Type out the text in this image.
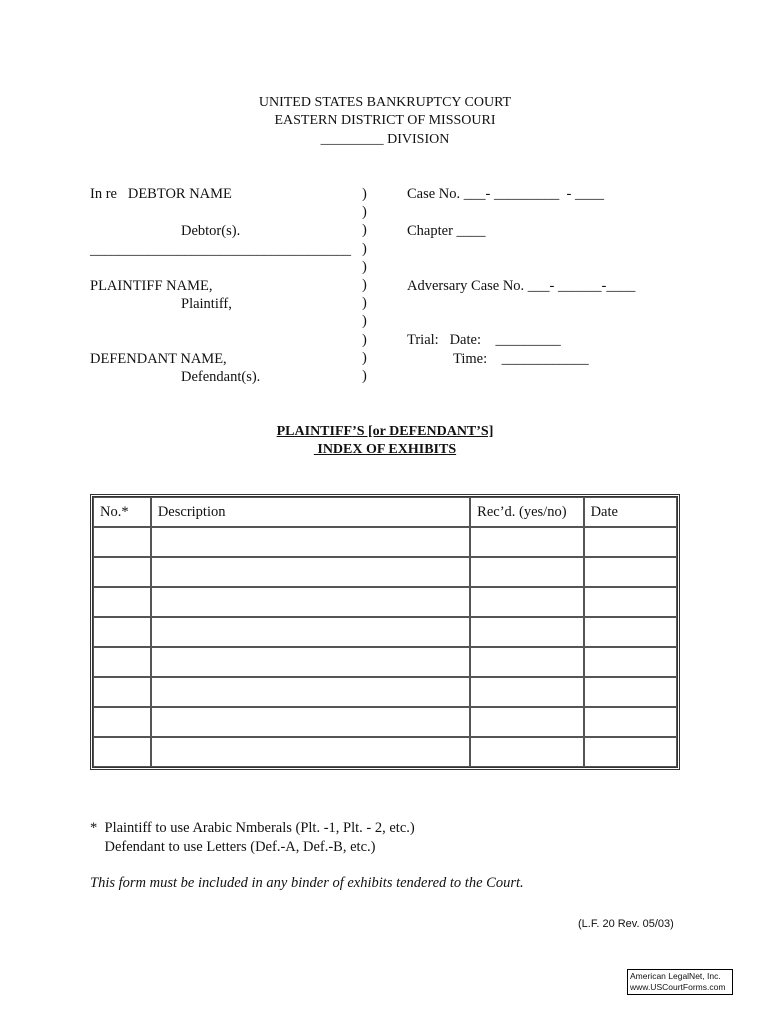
UNITED STATES BANKRUPTCY COURT
EASTERN DISTRICT OF MISSOURI
_________ DIVISION
In re   DEBTOR NAME
Debtor(s).
____________________________________
PLAINTIFF NAME,
Plaintiff,
DEFENDANT NAME,
Defendant(s).
)
)
)
)
)
)
)
)
)
)
)
Case No. ___- _________  - ____
Chapter ____
Adversary Case No. ___- ______-____
Trial:   Date:    _________
Time:    ____________
PLAINTIFF’S [or DEFENDANT’S]
INDEX OF EXHIBITS
No.*	Description	Rec’d. (yes/no)	Date

*  Plaintiff to use Arabic Nmberals (Plt. -1, Plt. - 2, etc.)
Defendant to use Letters (Def.-A, Def.-B, etc.)
This form must be included in any binder of exhibits tendered to the Court.
(L.F. 20 Rev. 05/03)
American LegalNet, Inc.
www.USCourtForms.com
